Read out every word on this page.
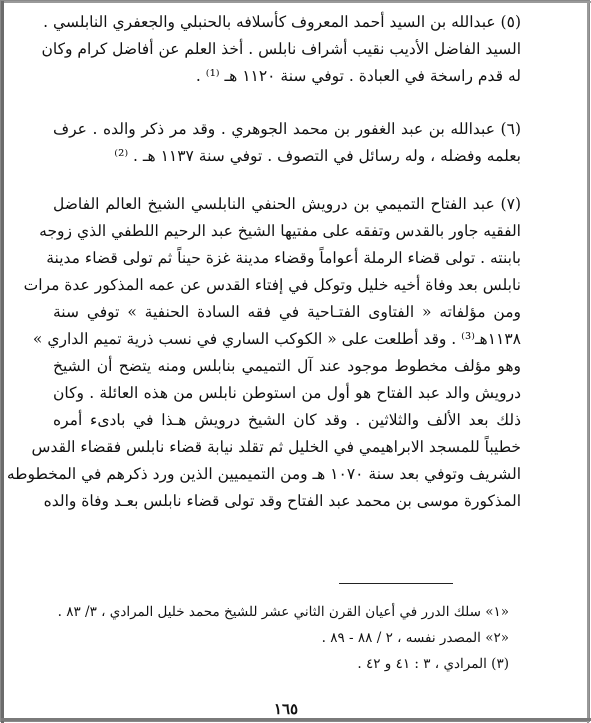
(٥) عبدالله بن السيد أحمد المعروف كأسلافه بالحنبلي والجعفري النابلسي .
السيد الفاضل الأديب نقيب أشراف نابلس . أخذ العلم عن أفاضل كرام وكان
له قدم راسخة في العبادة . توفي سنة ١١٢٠ هـ ⁽¹⁾ .
(٦) عبدالله بن عبد الغفور بن محمد الجوهري . وقد مر ذكر والده . عرف
بعلمه وفضله ، وله رسائل في التصوف . توفي سنة ١١٣٧ هـ . ⁽²⁾
(٧) عبد الفتاح التميمي بن درويش الحنفي النابلسي الشيخ العالم الفاضل
الفقيه جاور بالقدس وتفقه على مفتيها الشيخ عبد الرحيم اللطفي الذي زوجه
بابنته . تولى قضاء الرملة أعواماً وقضاء مدينة غزة حيناً ثم تولى قضاء مدينة
نابلس بعد وفاة أخيه خليل وتوكل في إفتاء القدس عن عمه المذكور عدة مرات
ومن مؤلفاته « الفتاوى الفتـاحية في فقه السادة الحنفية » توفي سنة
١١٣٨هـ⁽³⁾ . وقد أطلعت على « الكوكب الساري في نسب ذرية تميم الداري »
وهو مؤلف مخطوط موجود عند آل التميمي بنابلس ومنه يتضح أن الشيخ
درويش والد عبد الفتاح هو أول من استوطن نابلس من هذه العائلة . وكان
ذلك بعد الألف والثلاثين . وقد كان الشيخ درويش هـذا في بادىء أمره
خطيباً للمسجد الابراهيمي في الخليل ثم تقلد نيابة قضاء نابلس فقضاء القدس
الشريف وتوفي بعد سنة ١٠٧٠ هـ ومن التميميين الذين ورد ذكرهم في المخطوطه
المذكورة موسى بن محمد عبد الفتاح وقد تولى قضاء نابلس بعـد وفاة والده
«١» سلك الدرر في أعيان القرن الثاني عشر للشيخ محمد خليل المرادي ، ٣/ ٨٣ .
«٢» المصدر نفسه ، ٢ / ٨٨ - ٨٩ .
(٣) المرادي ، ٣ : ٤١ و ٤٢ .
١٦٥
